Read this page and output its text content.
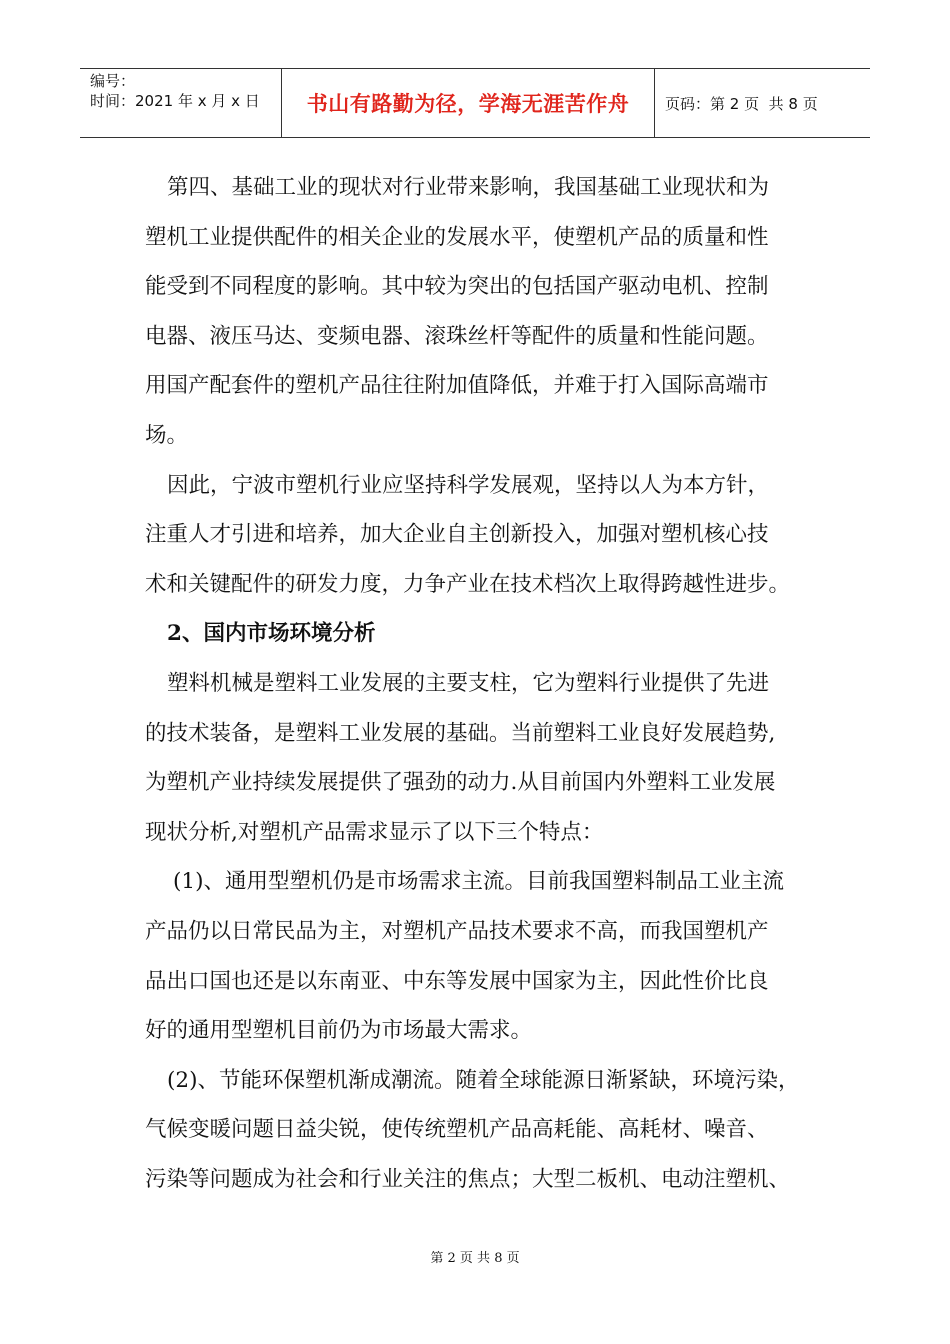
编号：
时间：2021 年 x 月 x 日	书山有路勤为径，学海无涯苦作舟	页码：第 2 页  共 8 页
第四、基础工业的现状对行业带来影响，我国基础工业现状和为
塑机工业提供配件的相关企业的发展水平，使塑机产品的质量和性
能受到不同程度的影响。其中较为突出的包括国产驱动电机、控制
电器、液压马达、变频电器、滚珠丝杆等配件的质量和性能问题。
用国产配套件的塑机产品往往附加值降低，并难于打入国际高端市
场。
因此，宁波市塑机行业应坚持科学发展观，坚持以人为本方针，
注重人才引进和培养，加大企业自主创新投入，加强对塑机核心技
术和关键配件的研发力度，力争产业在技术档次上取得跨越性进步。
2、国内市场环境分析
塑料机械是塑料工业发展的主要支柱，它为塑料行业提供了先进
的技术装备，是塑料工业发展的基础。当前塑料工业良好发展趋势,
为塑机产业持续发展提供了强劲的动力.从目前国内外塑料工业发展
现状分析,对塑机产品需求显示了以下三个特点：
(1)、通用型塑机仍是市场需求主流。目前我国塑料制品工业主流
产品仍以日常民品为主，对塑机产品技术要求不高，而我国塑机产
品出口国也还是以东南亚、中东等发展中国家为主，因此性价比良
好的通用型塑机目前仍为市场最大需求。
(2)、节能环保塑机渐成潮流。随着全球能源日渐紧缺，环境污染，
气候变暖问题日益尖锐，使传统塑机产品高耗能、高耗材、噪音、
污染等问题成为社会和行业关注的焦点；大型二板机、电动注塑机、
第 2 页 共 8 页
